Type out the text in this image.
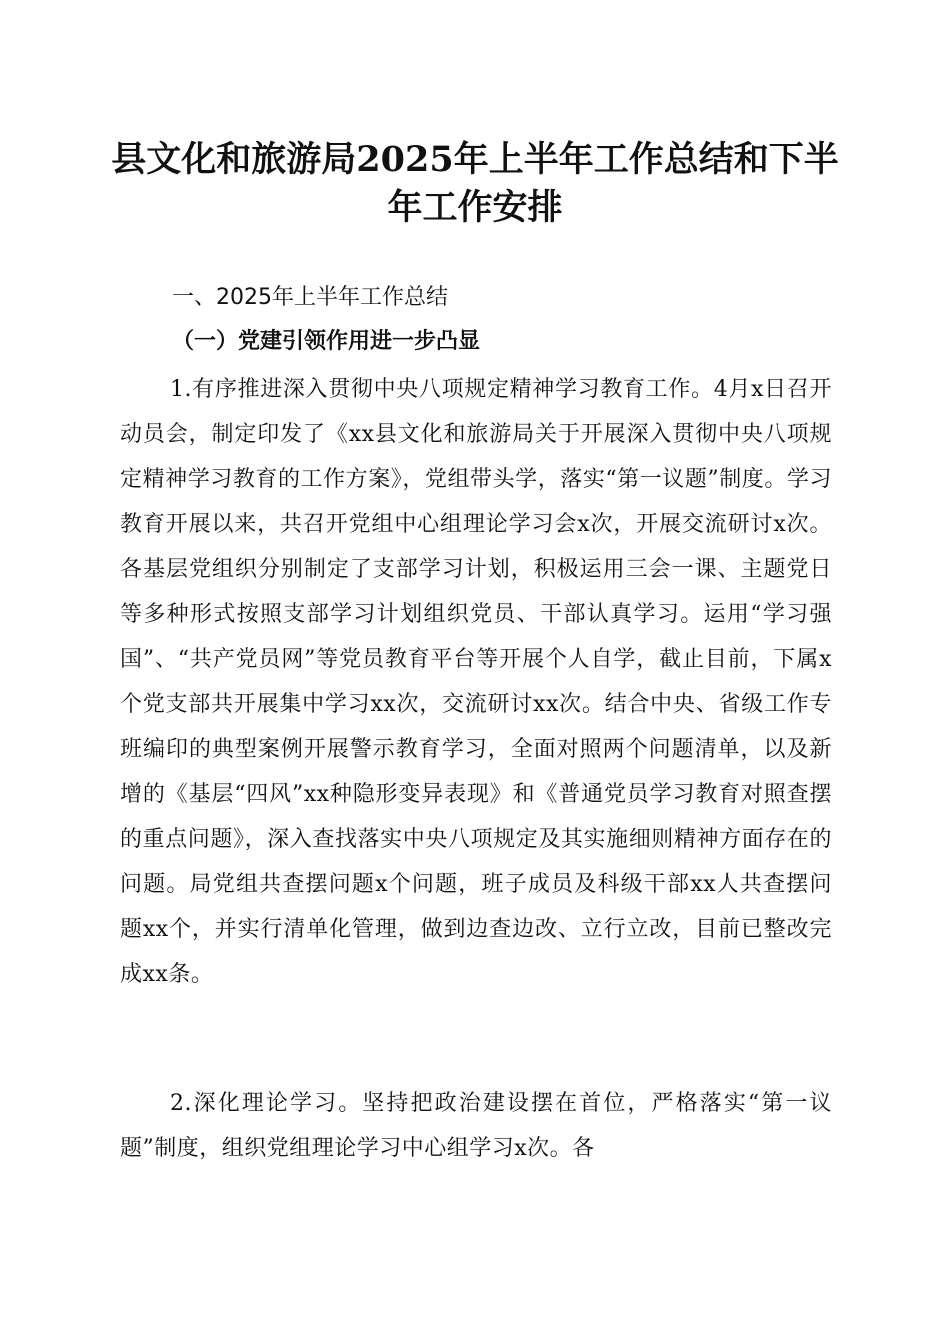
县文化和旅游局2025年上半年工作总结和下半年工作安排

一、2025年上半年工作总结

（一）党建引领作用进一步凸显

1.有序推进深入贯彻中央八项规定精神学习教育工作。4月x日召开动员会，制定印发了《xx县文化和旅游局关于开展深入贯彻中央八项规定精神学习教育的工作方案》，党组带头学，落实“第一议题”制度。学习教育开展以来，共召开党组中心组理论学习会x次，开展交流研讨x次。各基层党组织分别制定了支部学习计划，积极运用三会一课、主题党日等多种形式按照支部学习计划组织党员、干部认真学习。运用“学习强国”、“共产党员网”等党员教育平台等开展个人自学，截止目前，下属x个党支部共开展集中学习xx次，交流研讨xx次。结合中央、省级工作专班编印的典型案例开展警示教育学习，全面对照两个问题清单，以及新增的《基层“四风”xx种隐形变异表现》和《普通党员学习教育对照查摆的重点问题》，深入查找落实中央八项规定及其实施细则精神方面存在的问题。局党组共查摆问题x个问题，班子成员及科级干部xx人共查摆问题xx个，并实行清单化管理，做到边查边改、立行立改，目前已整改完成xx条。

2.深化理论学习。坚持把政治建设摆在首位，严格落实“第一议题”制度，组织党组理论学习中心组学习x次。各
